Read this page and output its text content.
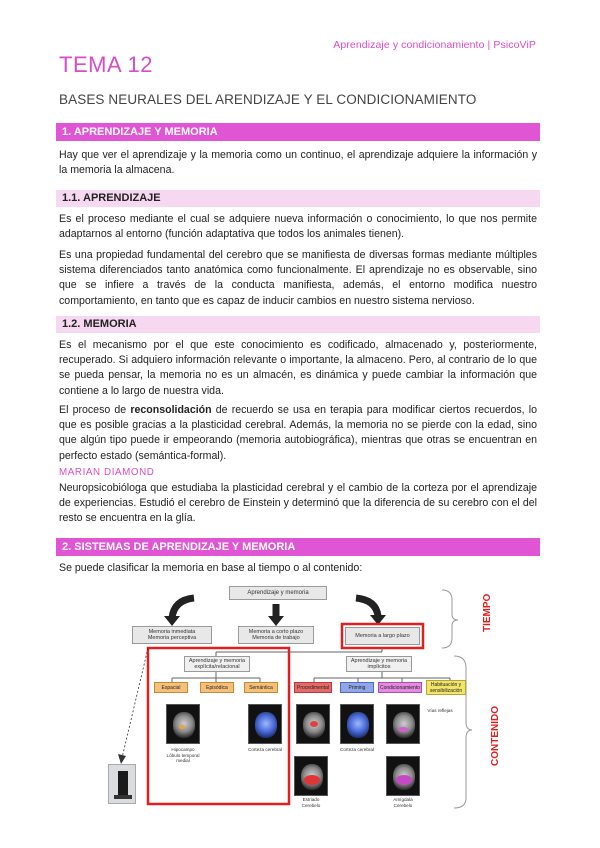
Aprendizaje y condicionamiento | PsicoViP
TEMA 12
BASES NEURALES DEL ARENDIZAJE Y EL CONDICIONAMIENTO
1. APRENDIZAJE Y MEMORIA
Hay que ver el aprendizaje y la memoria como un continuo, el aprendizaje adquiere la información y la memoria la almacena.
1.1. APRENDIZAJE
Es el proceso mediante el cual se adquiere nueva información o conocimiento, lo que nos permite adaptarnos al entorno (función adaptativa que todos los animales tienen).
Es una propiedad fundamental del cerebro que se manifiesta de diversas formas mediante múltiples sistema diferenciados tanto anatómica como funcionalmente. El aprendizaje no es observable, sino que se infiere a través de la conducta manifiesta, además, el entorno modifica nuestro comportamiento, en tanto que es capaz de inducir cambios en nuestro sistema nervioso.
1.2. MEMORIA
Es el mecanismo por el que este conocimiento es codificado, almacenado y, posteriormente, recuperado. Si adquiero información relevante o importante, la almaceno. Pero, al contrario de lo que se pueda pensar, la memoria no es un almacén, es dinámica y puede cambiar la información que contiene a lo largo de nuestra vida.
El proceso de reconsolidación de recuerdo se usa en terapia para modificar ciertos recuerdos, lo que es posible gracias a la plasticidad cerebral. Además, la memoria no se pierde con la edad, sino que algún tipo puede ir empeorando (memoria autobiográfica), mientras que otras se encuentran en perfecto estado (semántica-formal).
MARIAN DIAMOND
Neuropsicobióloga que estudiaba la plasticidad cerebral y el cambio de la corteza por el aprendizaje de experiencias. Estudió el cerebro de Einstein y determinó que la diferencia de su cerebro con el del resto se encuentra en la glía.
2. SISTEMAS DE APRENDIZAJE Y MEMORIA
Se puede clasificar la memoria en base al tiempo o al contenido:
Aprendizaje y memoria
Memoria inmediata
Memoria perceptiva
Memoria a corto plazo
Memoria de trabajo	Memoria a largo plazo
Aprendizaje y memoria
explícita/relacional
Aprendizaje y memoria
implícitos
Espacial	Episódica	Semántica	Procedimental	Priming	Condicionamiento	Habituación y
sensibilización
Hipocampo
Lóbulo temporal
medial
Corteza cerebral	Corteza cerebral
Vías reflejas
Estriado
Cerebelo
Amígdala
Cerebelo
TIEMPO
CONTENIDO
